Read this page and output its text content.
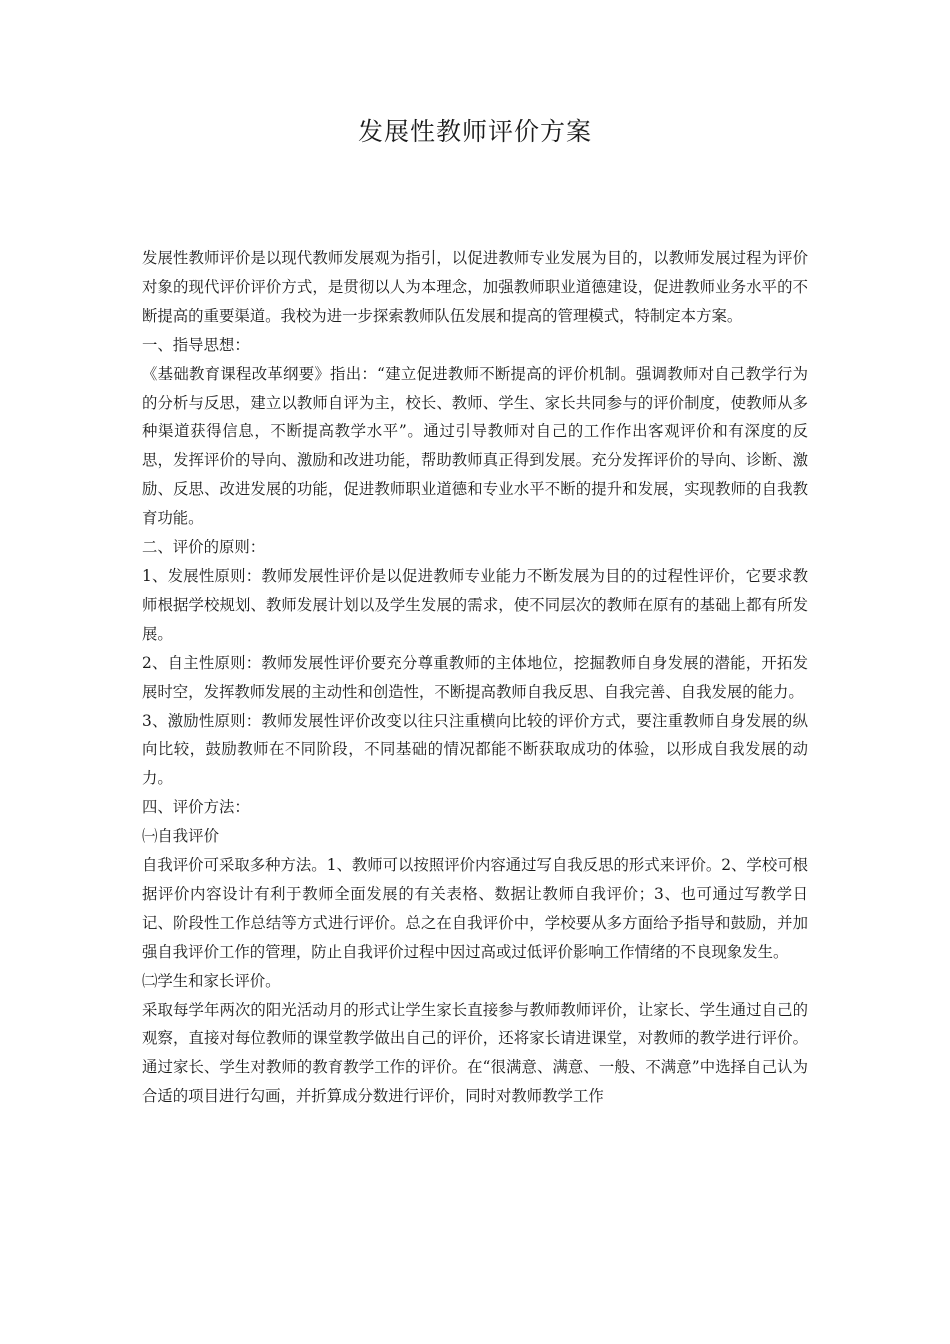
发展性教师评价方案

发展性教师评价是以现代教师发展观为指引，以促进教师专业发展为目的，以教师发展过程为评价对象的现代评价评价方式，是贯彻以人为本理念，加强教师职业道德建设，促进教师业务水平的不断提高的重要渠道。我校为进一步探索教师队伍发展和提高的管理模式，特制定本方案。

一、指导思想：

《基础教育课程改革纲要》指出：“建立促进教师不断提高的评价机制。强调教师对自己教学行为的分析与反思，建立以教师自评为主，校长、教师、学生、家长共同参与的评价制度，使教师从多种渠道获得信息，不断提高教学水平”。通过引导教师对自己的工作作出客观评价和有深度的反思，发挥评价的导向、激励和改进功能，帮助教师真正得到发展。充分发挥评价的导向、诊断、激励、反思、改进发展的功能，促进教师职业道德和专业水平不断的提升和发展，实现教师的自我教育功能。

二、评价的原则：

1、发展性原则：教师发展性评价是以促进教师专业能力不断发展为目的的过程性评价，它要求教师根据学校规划、教师发展计划以及学生发展的需求，使不同层次的教师在原有的基础上都有所发展。

2、自主性原则：教师发展性评价要充分尊重教师的主体地位，挖掘教师自身发展的潜能，开拓发展时空，发挥教师发展的主动性和创造性，不断提高教师自我反思、自我完善、自我发展的能力。

3、激励性原则：教师发展性评价改变以往只注重横向比较的评价方式，要注重教师自身发展的纵向比较，鼓励教师在不同阶段，不同基础的情况都能不断获取成功的体验，以形成自我发展的动力。

四、评价方法：

㈠自我评价

自我评价可采取多种方法。1、教师可以按照评价内容通过写自我反思的形式来评价。2、学校可根据评价内容设计有利于教师全面发展的有关表格、数据让教师自我评价；3、也可通过写教学日记、阶段性工作总结等方式进行评价。总之在自我评价中，学校要从多方面给予指导和鼓励，并加强自我评价工作的管理，防止自我评价过程中因过高或过低评价影响工作情绪的不良现象发生。

㈡学生和家长评价。

采取每学年两次的阳光活动月的形式让学生家长直接参与教师教师评价，让家长、学生通过自己的观察，直接对每位教师的课堂教学做出自己的评价，还将家长请进课堂，对教师的教学进行评价。通过家长、学生对教师的教育教学工作的评价。在“很满意、满意、一般、不满意”中选择自己认为合适的项目进行勾画，并折算成分数进行评价，同时对教师教学工作
